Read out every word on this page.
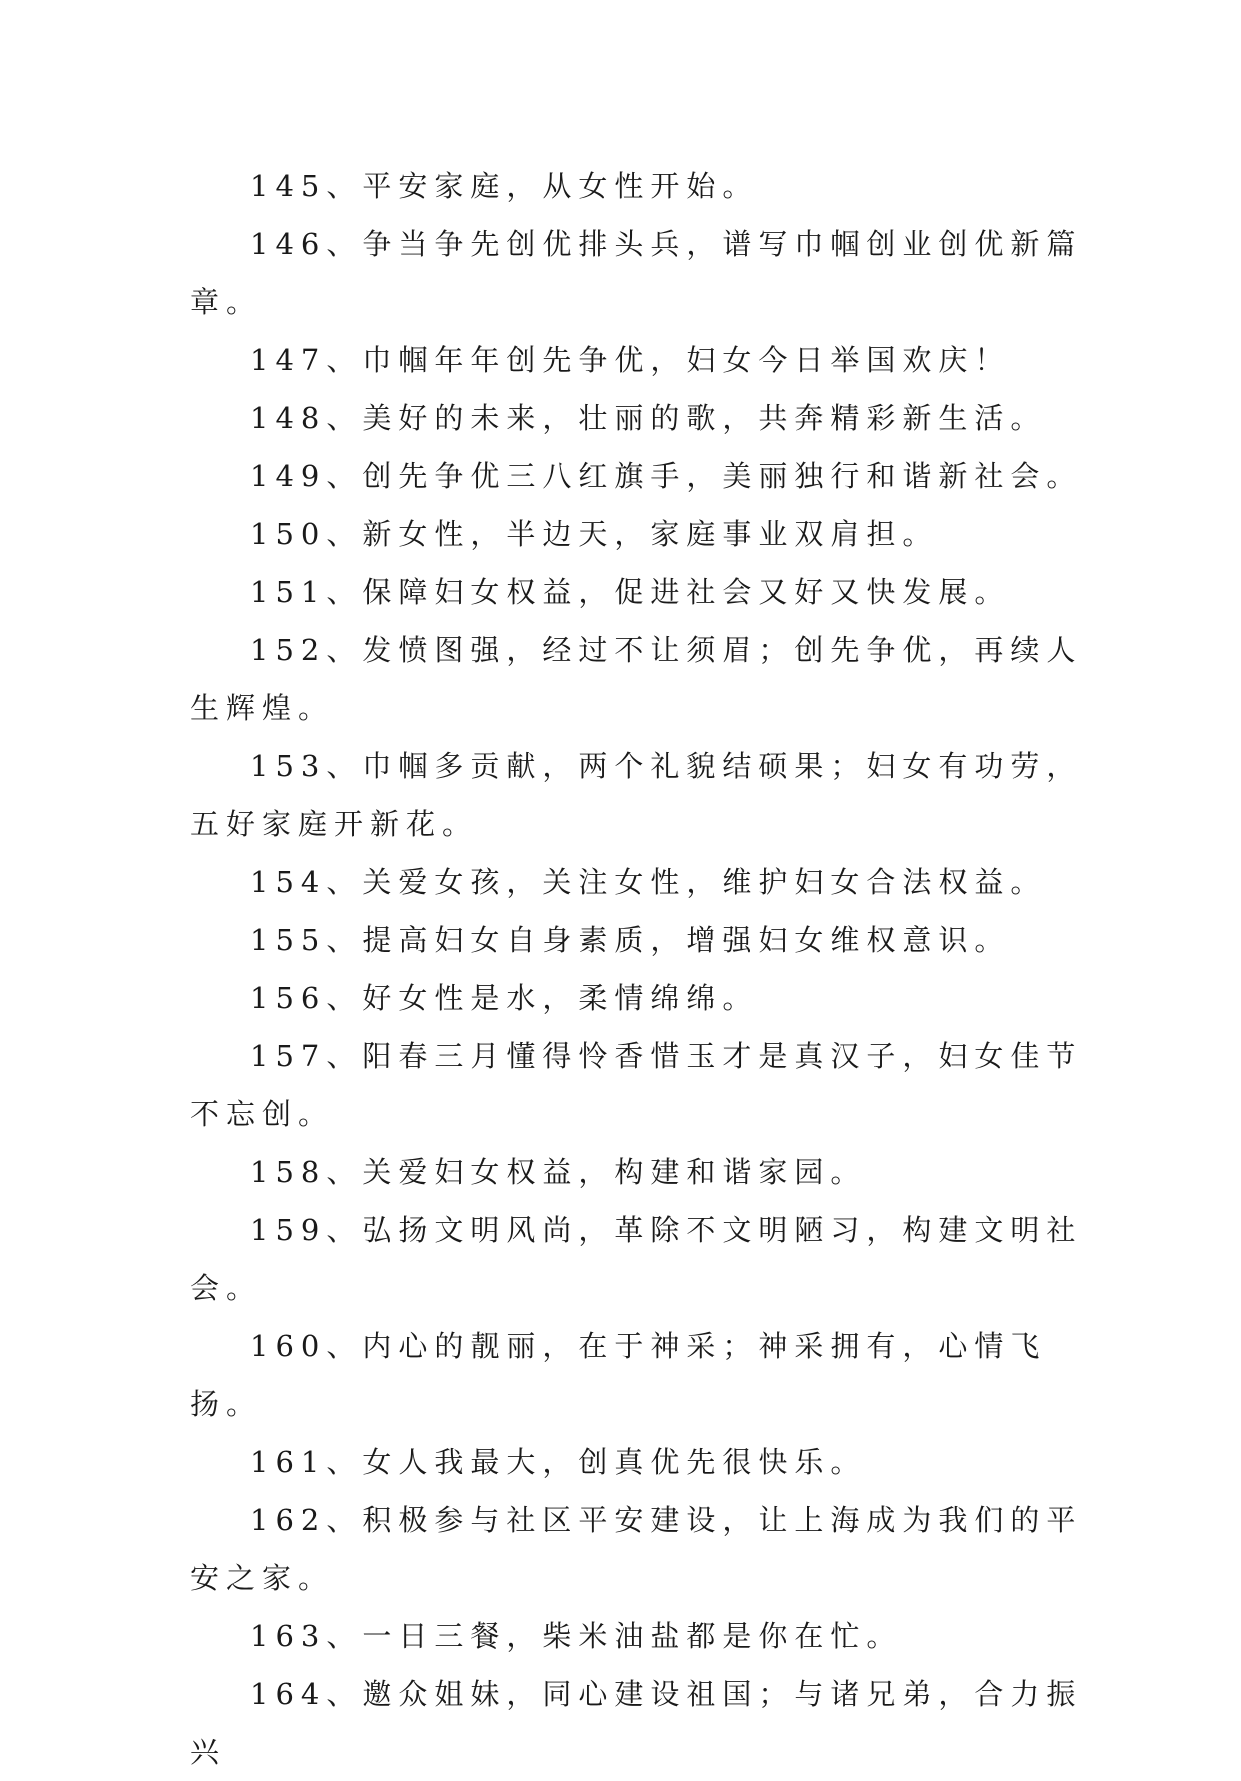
145、平安家庭，从女性开始。

146、争当争先创优排头兵，谱写巾帼创业创优新篇章。

147、巾帼年年创先争优，妇女今日举国欢庆！

148、美好的未来，壮丽的歌，共奔精彩新生活。

149、创先争优三八红旗手，美丽独行和谐新社会。

150、新女性，半边天，家庭事业双肩担。

151、保障妇女权益，促进社会又好又快发展。

152、发愤图强，经过不让须眉；创先争优，再续人生辉煌。

153、巾帼多贡献，两个礼貌结硕果；妇女有功劳，五好家庭开新花。

154、关爱女孩，关注女性，维护妇女合法权益。

155、提高妇女自身素质，增强妇女维权意识。

156、好女性是水，柔情绵绵。

157、阳春三月懂得怜香惜玉才是真汉子，妇女佳节不忘创。

158、关爱妇女权益，构建和谐家园。

159、弘扬文明风尚，革除不文明陋习，构建文明社会。

160、内心的靓丽，在于神采；神采拥有，心情飞扬。

161、女人我最大，创真优先很快乐。

162、积极参与社区平安建设，让上海成为我们的平安之家。

163、一日三餐，柴米油盐都是你在忙。

164、邀众姐妹，同心建设祖国；与诸兄弟，合力振兴
